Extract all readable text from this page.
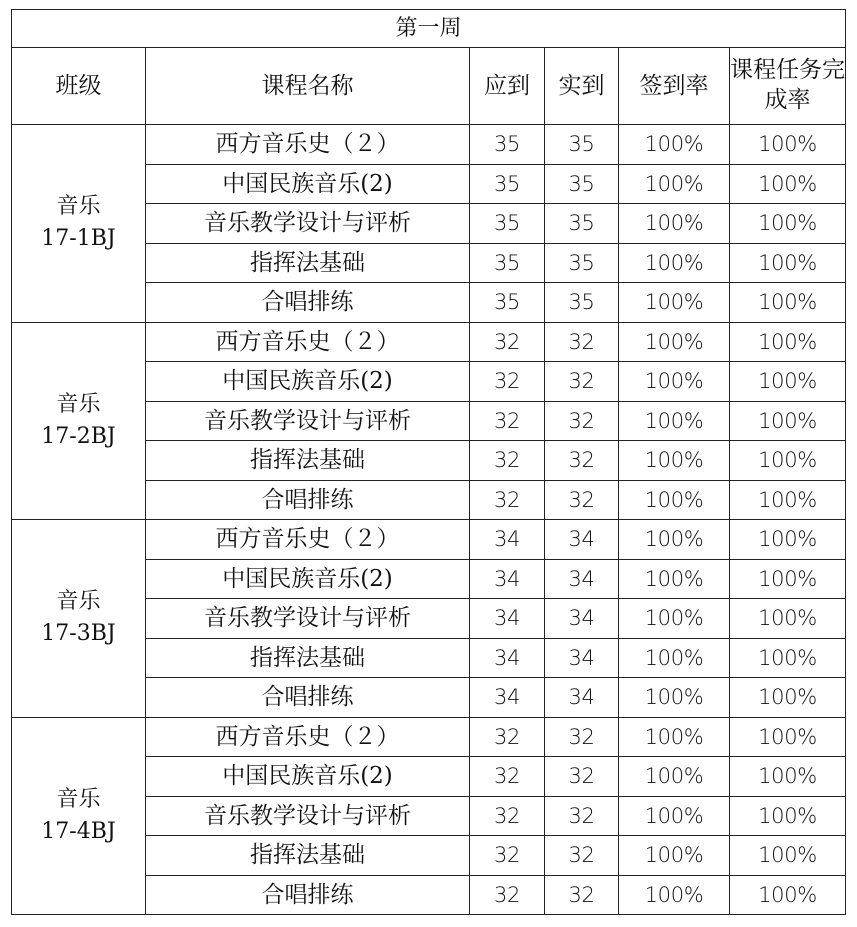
第一周					
班级	课程名称	应到	实到	签到率	课程任务完成率

音乐
17-1BJ	西方音乐史（２）	35	35	100%	100%
	中国民族音乐(2)	35	35	100%	100%
	音乐教学设计与评析	35	35	100%	100%
	指挥法基础	35	35	100%	100%
	合唱排练	35	35	100%	100%

音乐
17-2BJ	西方音乐史（２）	32	32	100%	100%
	中国民族音乐(2)	32	32	100%	100%
	音乐教学设计与评析	32	32	100%	100%
	指挥法基础	32	32	100%	100%
	合唱排练	32	32	100%	100%

音乐
17-3BJ	西方音乐史（２）	34	34	100%	100%
	中国民族音乐(2)	34	34	100%	100%
	音乐教学设计与评析	34	34	100%	100%
	指挥法基础	34	34	100%	100%
	合唱排练	34	34	100%	100%

音乐
17-4BJ	西方音乐史（２）	32	32	100%	100%
	中国民族音乐(2)	32	32	100%	100%
	音乐教学设计与评析	32	32	100%	100%
	指挥法基础	32	32	100%	100%
	合唱排练	32	32	100%	100%
